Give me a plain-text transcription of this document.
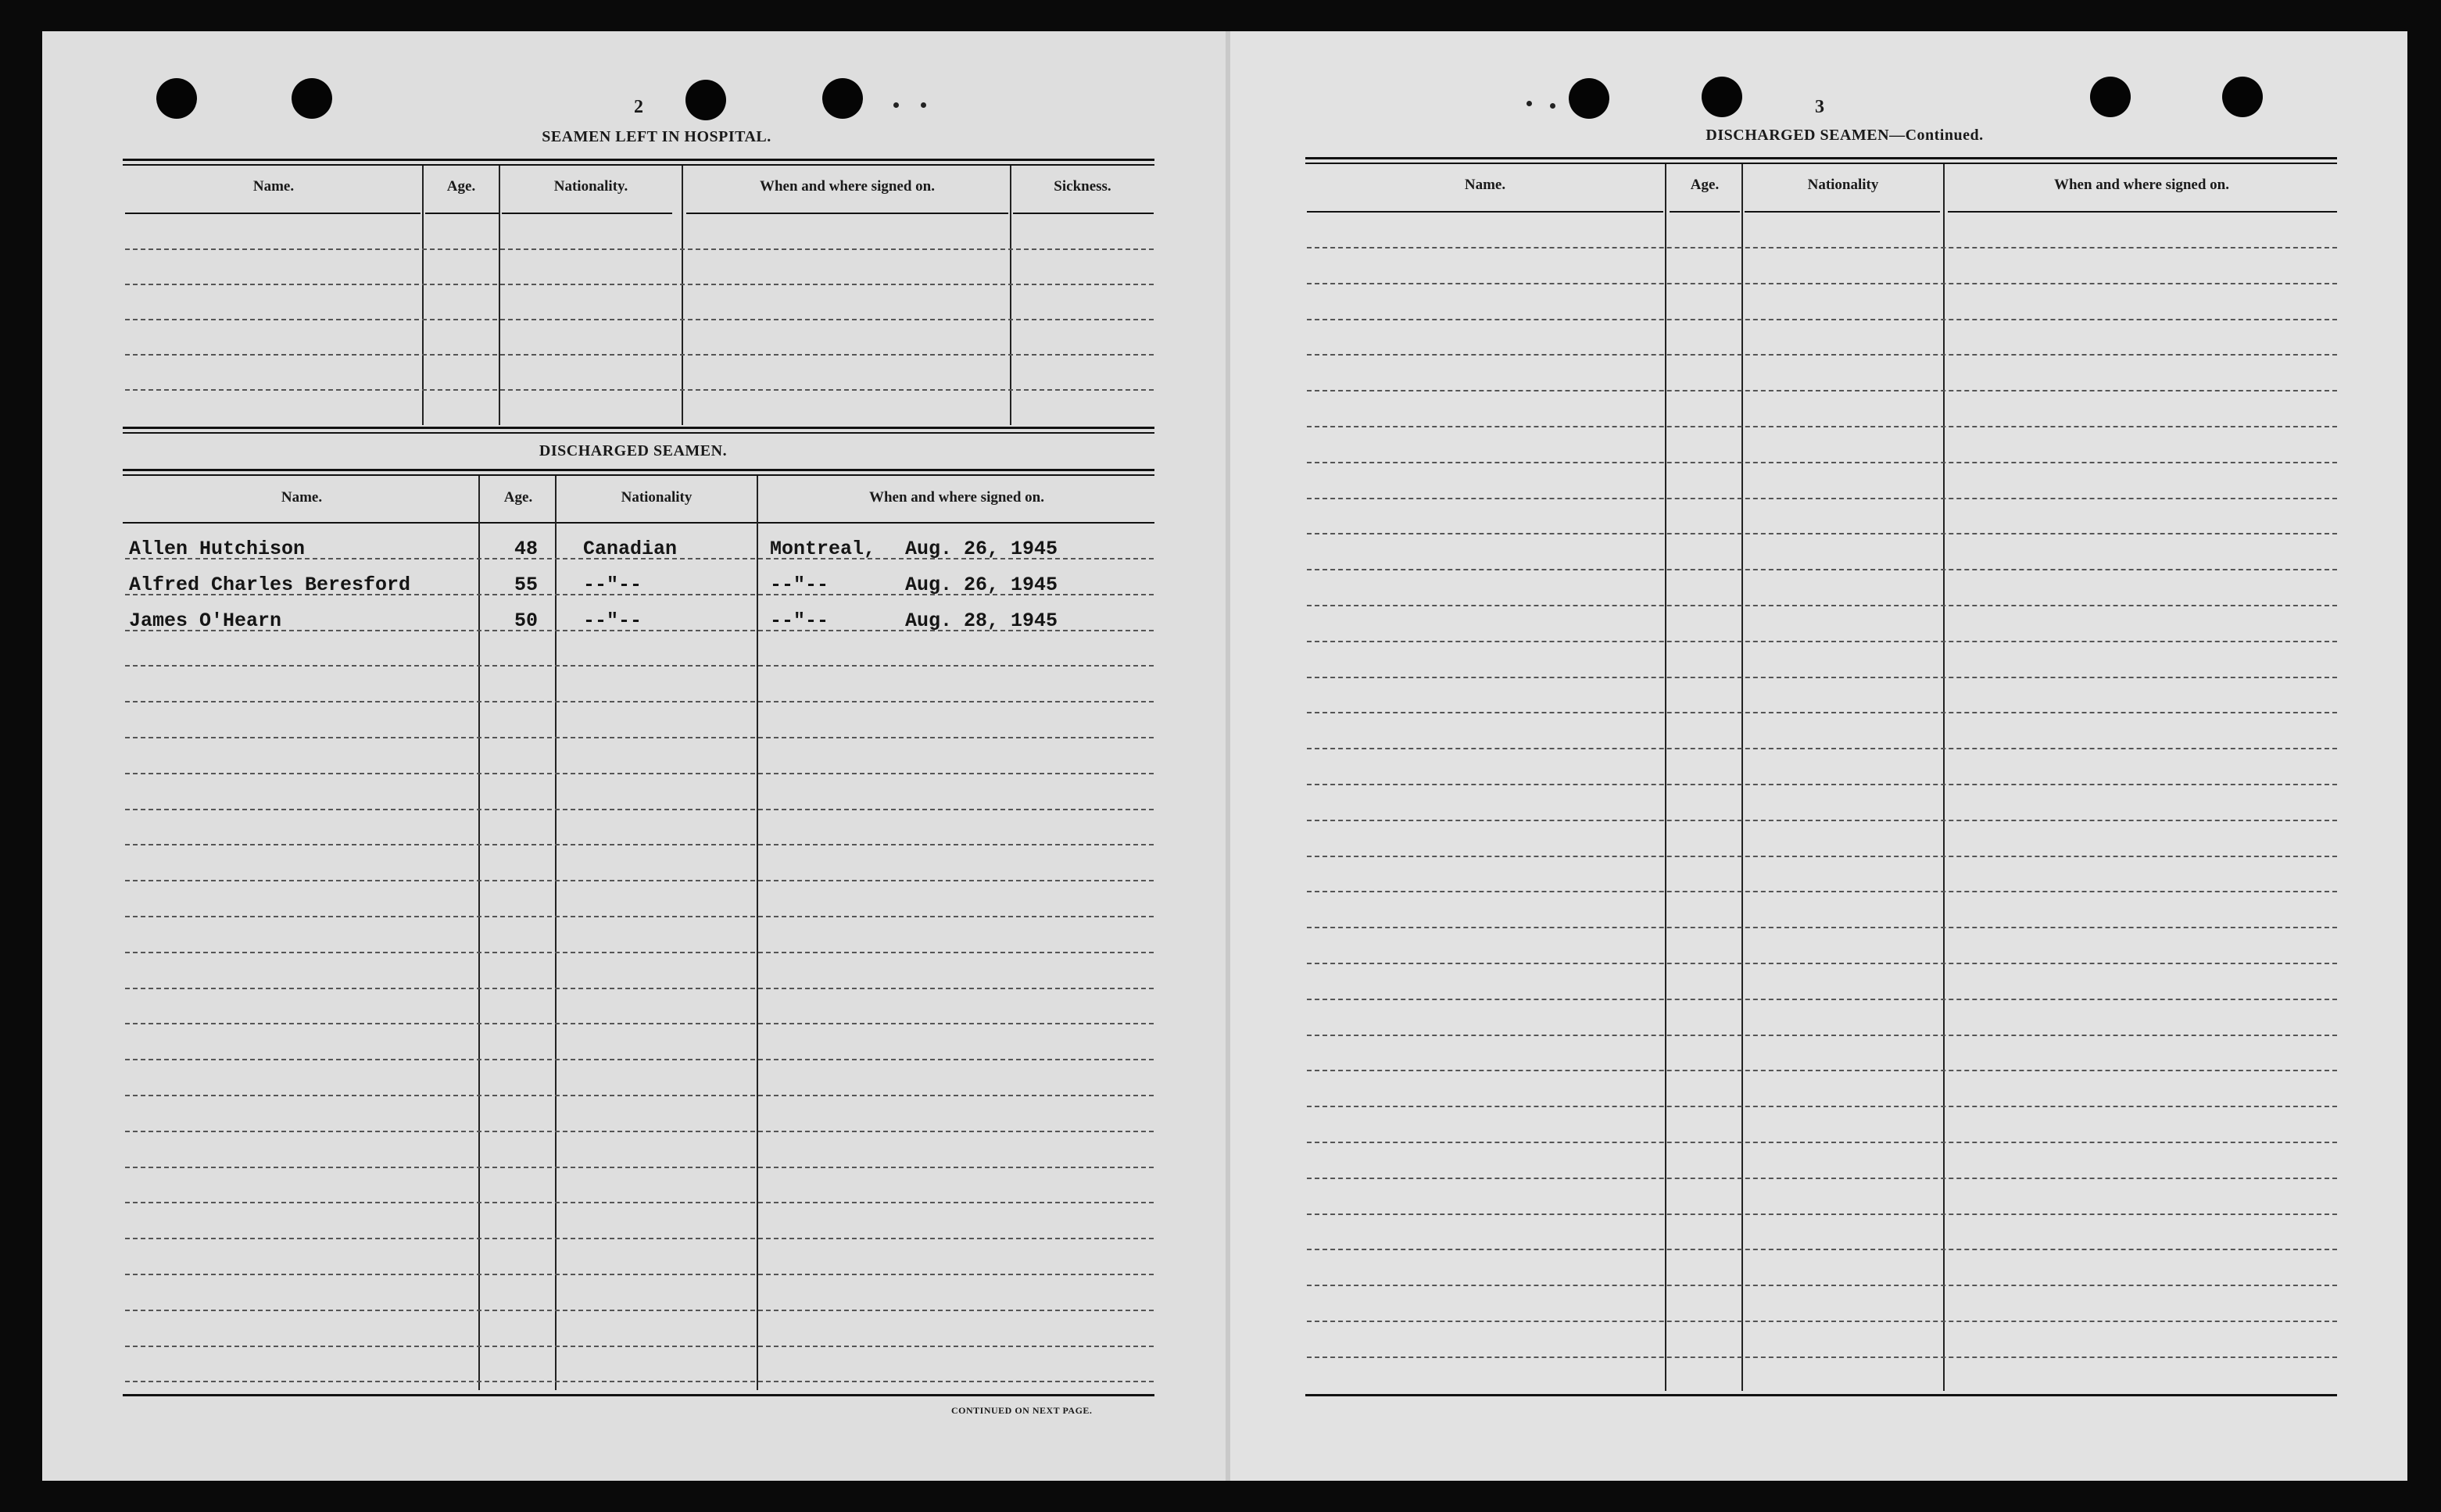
2
SEAMEN LEFT IN HOSPITAL.
Name.	Age.	Nationality.	When and where signed on.	Sickness.
DISCHARGED SEAMEN.
Name.	Age.	Nationality	When and where signed on.
Allen Hutchison	48 Canadian	Montreal, Aug. 26, 1945
Alfred Charles Beresford	55 --"--	--"--	Aug. 26, 1945
James O'Hearn	50 --"--	--"--	Aug. 28, 1945
CONTINUED ON NEXT PAGE.
3
DISCHARGED SEAMEN—Continued.
Name.	Age.	Nationality	When and where signed on.
